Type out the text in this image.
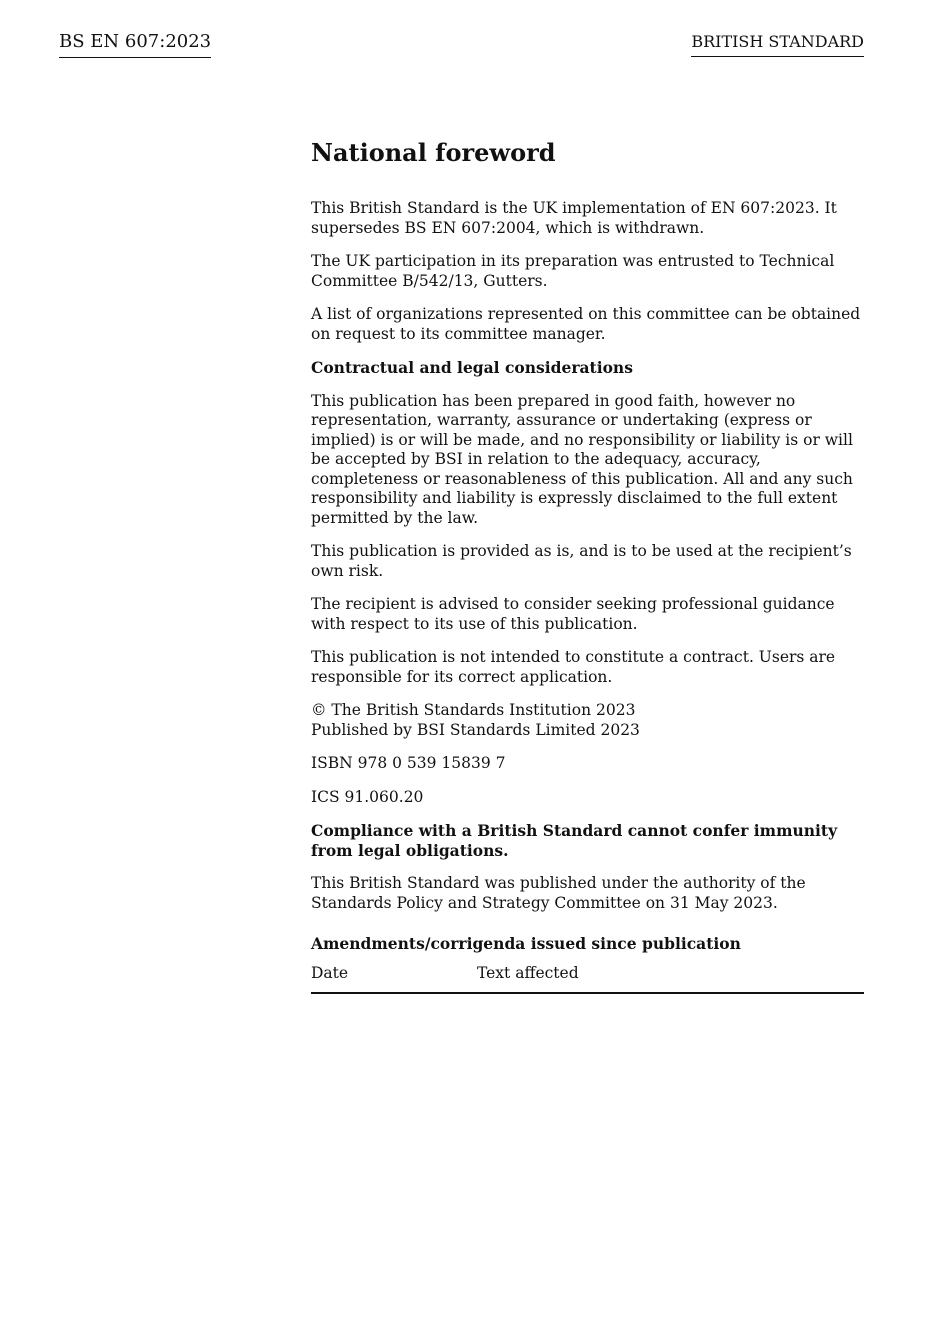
BS EN 607:2023	BRITISH STANDARD
National foreword

This British Standard is the UK implementation of EN 607:2023. It supersedes BS EN 607:2004, which is withdrawn.

The UK participation in its preparation was entrusted to Technical Committee B/542/13, Gutters.

A list of organizations represented on this committee can be obtained on request to its committee manager.

Contractual and legal considerations

This publication has been prepared in good faith, however no representation, warranty, assurance or undertaking (express or implied) is or will be made, and no responsibility or liability is or will be accepted by BSI in relation to the adequacy, accuracy, completeness or reasonableness of this publication. All and any such responsibility and liability is expressly disclaimed to the full extent permitted by the law.

This publication is provided as is, and is to be used at the recipient’s own risk.

The recipient is advised to consider seeking professional guidance with respect to its use of this publication.

This publication is not intended to constitute a contract. Users are responsible for its correct application.

© The British Standards Institution 2023
Published by BSI Standards Limited 2023

ISBN 978 0 539 15839 7

ICS 91.060.20

Compliance with a British Standard cannot confer immunity from legal obligations.

This British Standard was published under the authority of the Standards Policy and Strategy Committee on 31 May 2023.

Amendments/corrigenda issued since publication
Date	Text affected
